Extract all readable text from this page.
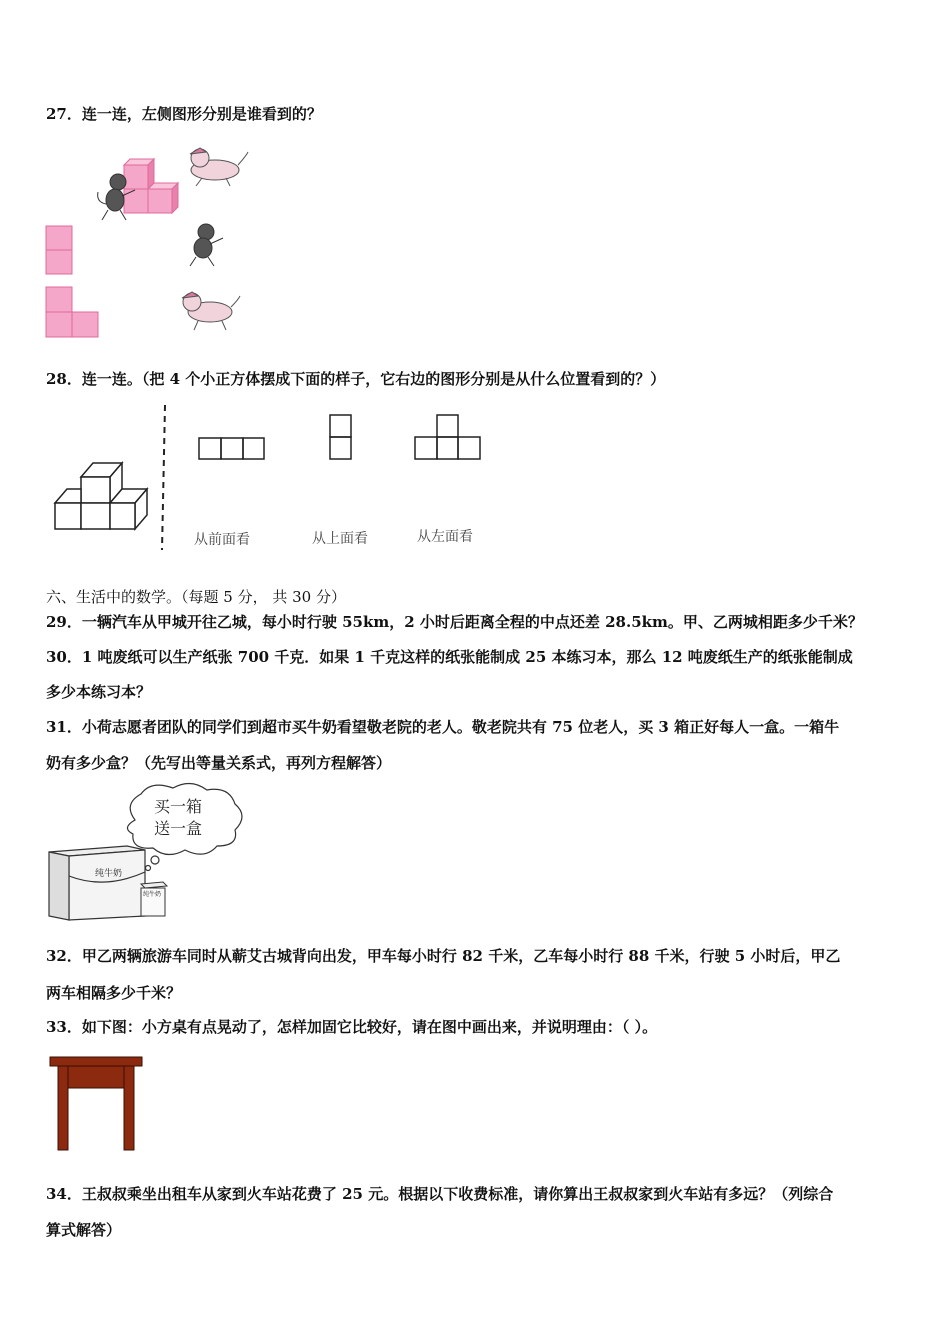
27．连一连，左侧图形分别是谁看到的？
28．连一连。（把 4 个小正方体摆成下面的样子，它右边的图形分别是从什么位置看到的？）
从前面看	从上面看	从左面看
六、生活中的数学。（每题 5 分， 共 30 分）
29．一辆汽车从甲城开往乙城，每小时行驶 55km，2 小时后距离全程的中点还差 28.5km。甲、乙两城相距多少千米？
30．1 吨废纸可以生产纸张 700 千克．如果 1 千克这样的纸张能制成 25 本练习本，那么 12 吨废纸生产的纸张能制成
多少本练习本？
31．小荷志愿者团队的同学们到超市买牛奶看望敬老院的老人。敬老院共有 75 位老人，买 3 箱正好每人一盒。一箱牛
奶有多少盒？（先写出等量关系式，再列方程解答）
买一箱
送一盒
纯牛奶
纯牛奶
32．甲乙两辆旅游车同时从蕲艾古城背向出发，甲车每小时行 82 千米，乙车每小时行 88 千米，行驶 5 小时后，甲乙
两车相隔多少千米？
33．如下图：小方桌有点晃动了，怎样加固它比较好，请在图中画出来，并说明理由：（ ）。
34．王叔叔乘坐出租车从家到火车站花费了 25 元。根据以下收费标准，请你算出王叔叔家到火车站有多远？（列综合
算式解答）
